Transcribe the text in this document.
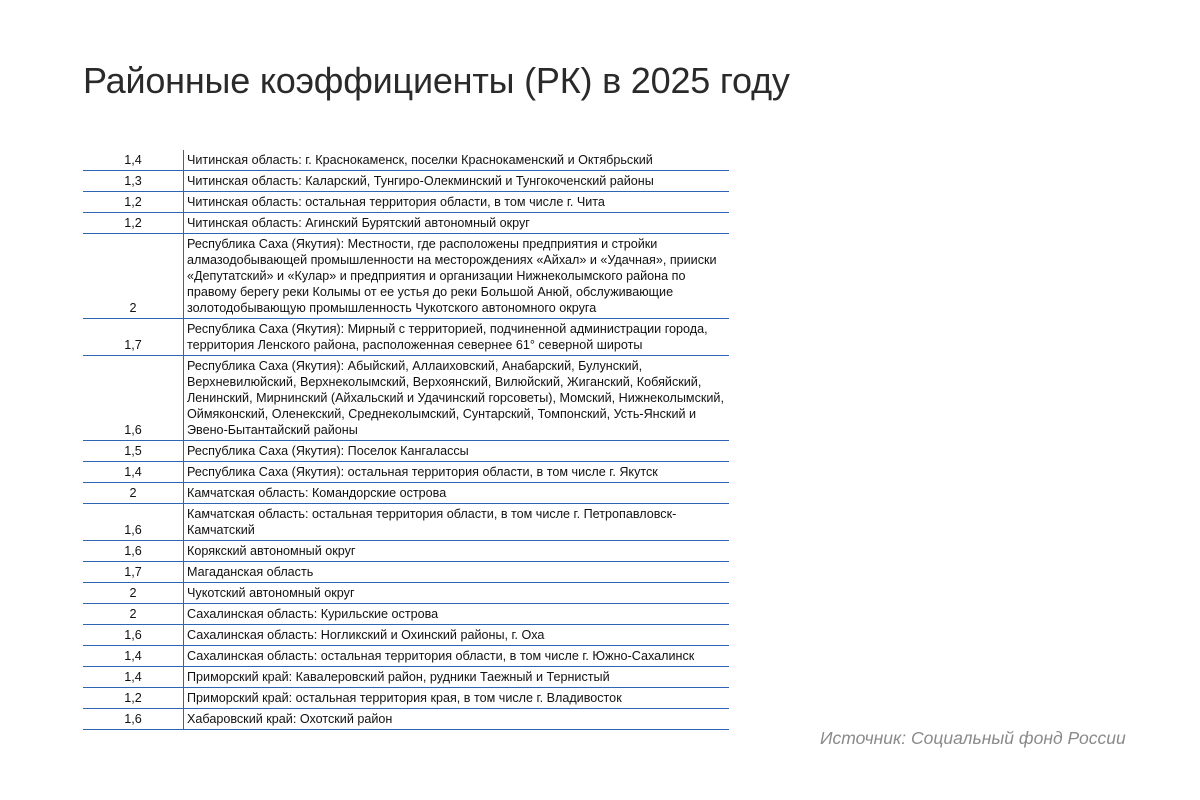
Районные коэффициенты (РК) в 2025 году
1,4	Читинская область: г. Краснокаменск, поселки Краснокаменский и Октябрьский
1,3	Читинская область: Каларский, Тунгиро-Олекминский и Тунгокоченский районы
1,2	Читинская область: остальная территория области, в том числе г. Чита
1,2	Читинская область: Агинский Бурятский автономный округ
2	Республика Саха (Якутия): Местности, где расположены предприятия и стройки алмазодобывающей промышленности на месторождениях «Айхал» и «Удачная», прииски «Депутатский» и «Кулар» и предприятия и организации Нижнеколымского района по правому берегу реки Колымы от ее устья до реки Большой Анюй, обслуживающие золотодобывающую промышленность Чукотского автономного округа
1,7	Республика Саха (Якутия): Мирный с территорией, подчиненной администрации города, территория Ленского района, расположенная севернее 61° северной широты
1,6	Республика Саха (Якутия): Абыйский, Аллаиховский, Анабарский, Булунский, Верхневилюйский, Верхнеколымский, Верхоянский, Вилюйский, Жиганский, Кобяйский, Ленинский, Мирнинский (Айхальский и Удачинский горсоветы), Момский, Нижнеколымский, Оймяконский, Оленекский, Среднеколымский, Сунтарский, Томпонский, Усть-Янский и Эвено-Бытантайский районы
1,5	Республика Саха (Якутия): Поселок Кангалассы
1,4	Республика Саха (Якутия): остальная территория области, в том числе г. Якутск
2	Камчатская область: Командорские острова
1,6	Камчатская область: остальная территория области, в том числе г. Петропавловск-Камчатский
1,6	Корякский автономный округ
1,7	Магаданская область
2	Чукотский автономный округ
2	Сахалинская область: Курильские острова
1,6	Сахалинская область: Ногликский и Охинский районы, г. Оха
1,4	Сахалинская область: остальная территория области, в том числе г. Южно-Сахалинск
1,4	Приморский край: Кавалеровский район, рудники Таежный и Тернистый
1,2	Приморский край: остальная территория края, в том числе г. Владивосток
1,6	Хабаровский край: Охотский район
Источник: Социальный фонд России
